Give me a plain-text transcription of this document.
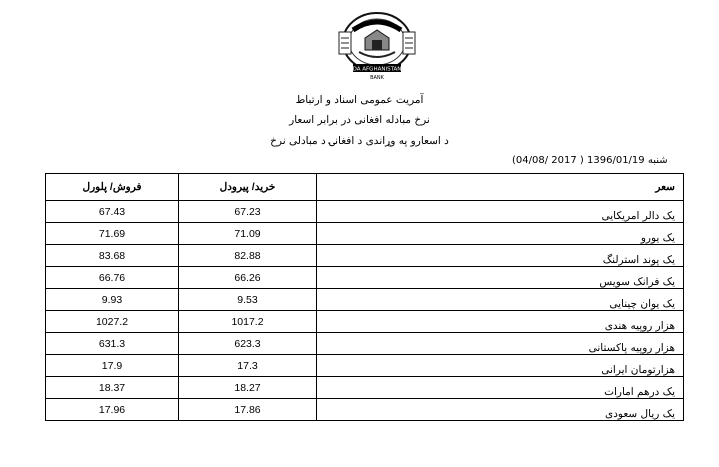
DA AFGHANISTAN
BANK
آمریت عمومی اسناد و ارتباط
نرخ مبادله افغانی در برابر اسعار
د اسعارو په وړاندی د افغانۍ د مبادلی نرخ
شنبه 1396/01/19 ( 2017 /04/08)
فروش/ پلورل	خرید/ پیرودل	سعر
67.43	67.23	یک دالر امریکایی
71.69	71.09	یک یورو
83.68	82.88	یک پوند استرلنگ
66.76	66.26	یک فرانک سویس
9.93	9.53	یک یوان چینایی
1027.2	1017.2	هزار روپیه هندی
631.3	623.3	هزار روپیه پاکستانی
17.9	17.3	هزارتومان ایرانی
18.37	18.27	یک درهم امارات
17.96	17.86	یک ریال سعودی
